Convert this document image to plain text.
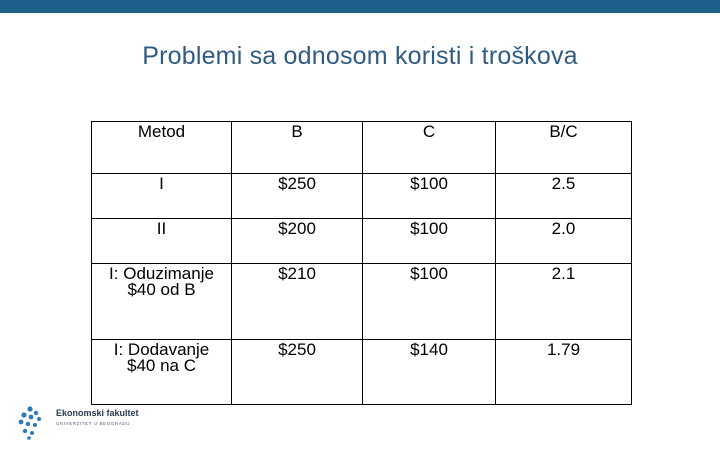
Problemi sa odnosom koristi i troškova
Metod	B	C	B/C

I	$250	$100	2.5

II	$200	$100	2.0

I: Oduzimanje
$40 od B	$210	$100	2.1

I: Dodavanje
$40 na C	$250	$140	1.79
Ekonomski fakultet
UNIVERZITET U BEOGRADU
